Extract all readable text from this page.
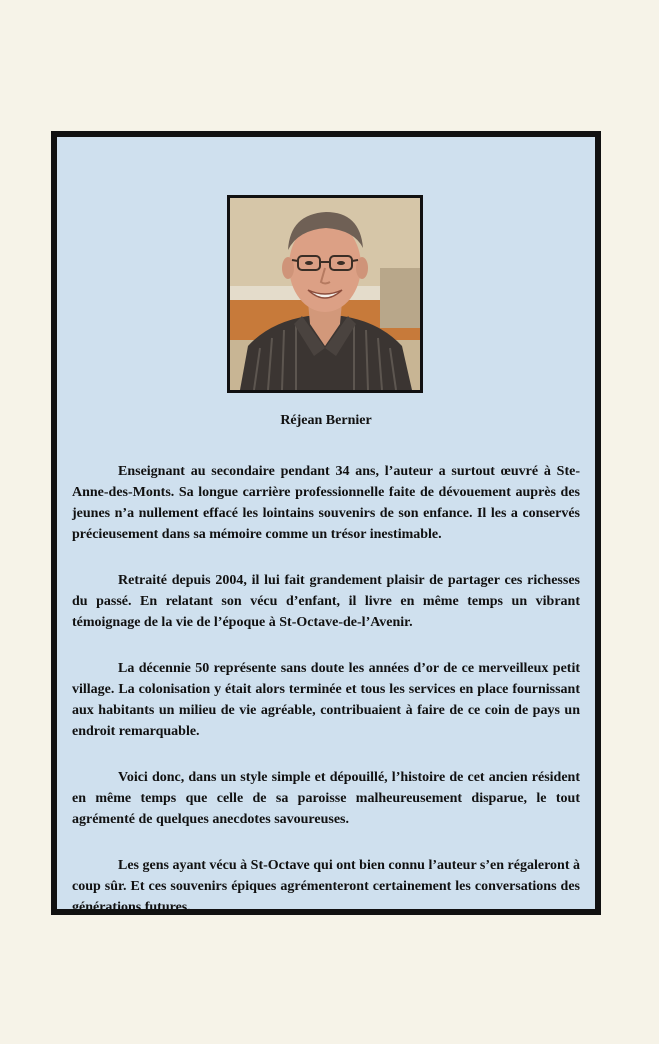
Réjean Bernier

Enseignant au secondaire pendant 34 ans, l’auteur a surtout œuvré à Ste-Anne-des-Monts. Sa longue carrière professionnelle faite de dévouement auprès des jeunes n’a nullement effacé les lointains souvenirs de son enfance. Il les a conservés précieusement dans sa mémoire comme un trésor inestimable.

Retraité depuis 2004, il lui fait grandement plaisir de partager ces richesses du passé. En relatant son vécu d’enfant, il livre en même temps un vibrant témoignage de la vie de l’époque à St-Octave-de-l’Avenir.

La décennie 50 représente sans doute les années d’or de ce merveilleux petit village. La colonisation y était alors terminée et tous les services en place fournissant aux habitants un milieu de vie agréable, contribuaient à faire de ce coin de pays un endroit remarquable.

Voici donc, dans un style simple et dépouillé, l’histoire de cet ancien résident en même temps que celle de sa paroisse malheureusement disparue, le tout agrémenté de quelques anecdotes savoureuses.

Les gens ayant vécu à St-Octave qui ont bien connu l’auteur s’en régaleront à coup sûr. Et ces souvenirs épiques agrémenteront certainement les conversations des générations futures.
